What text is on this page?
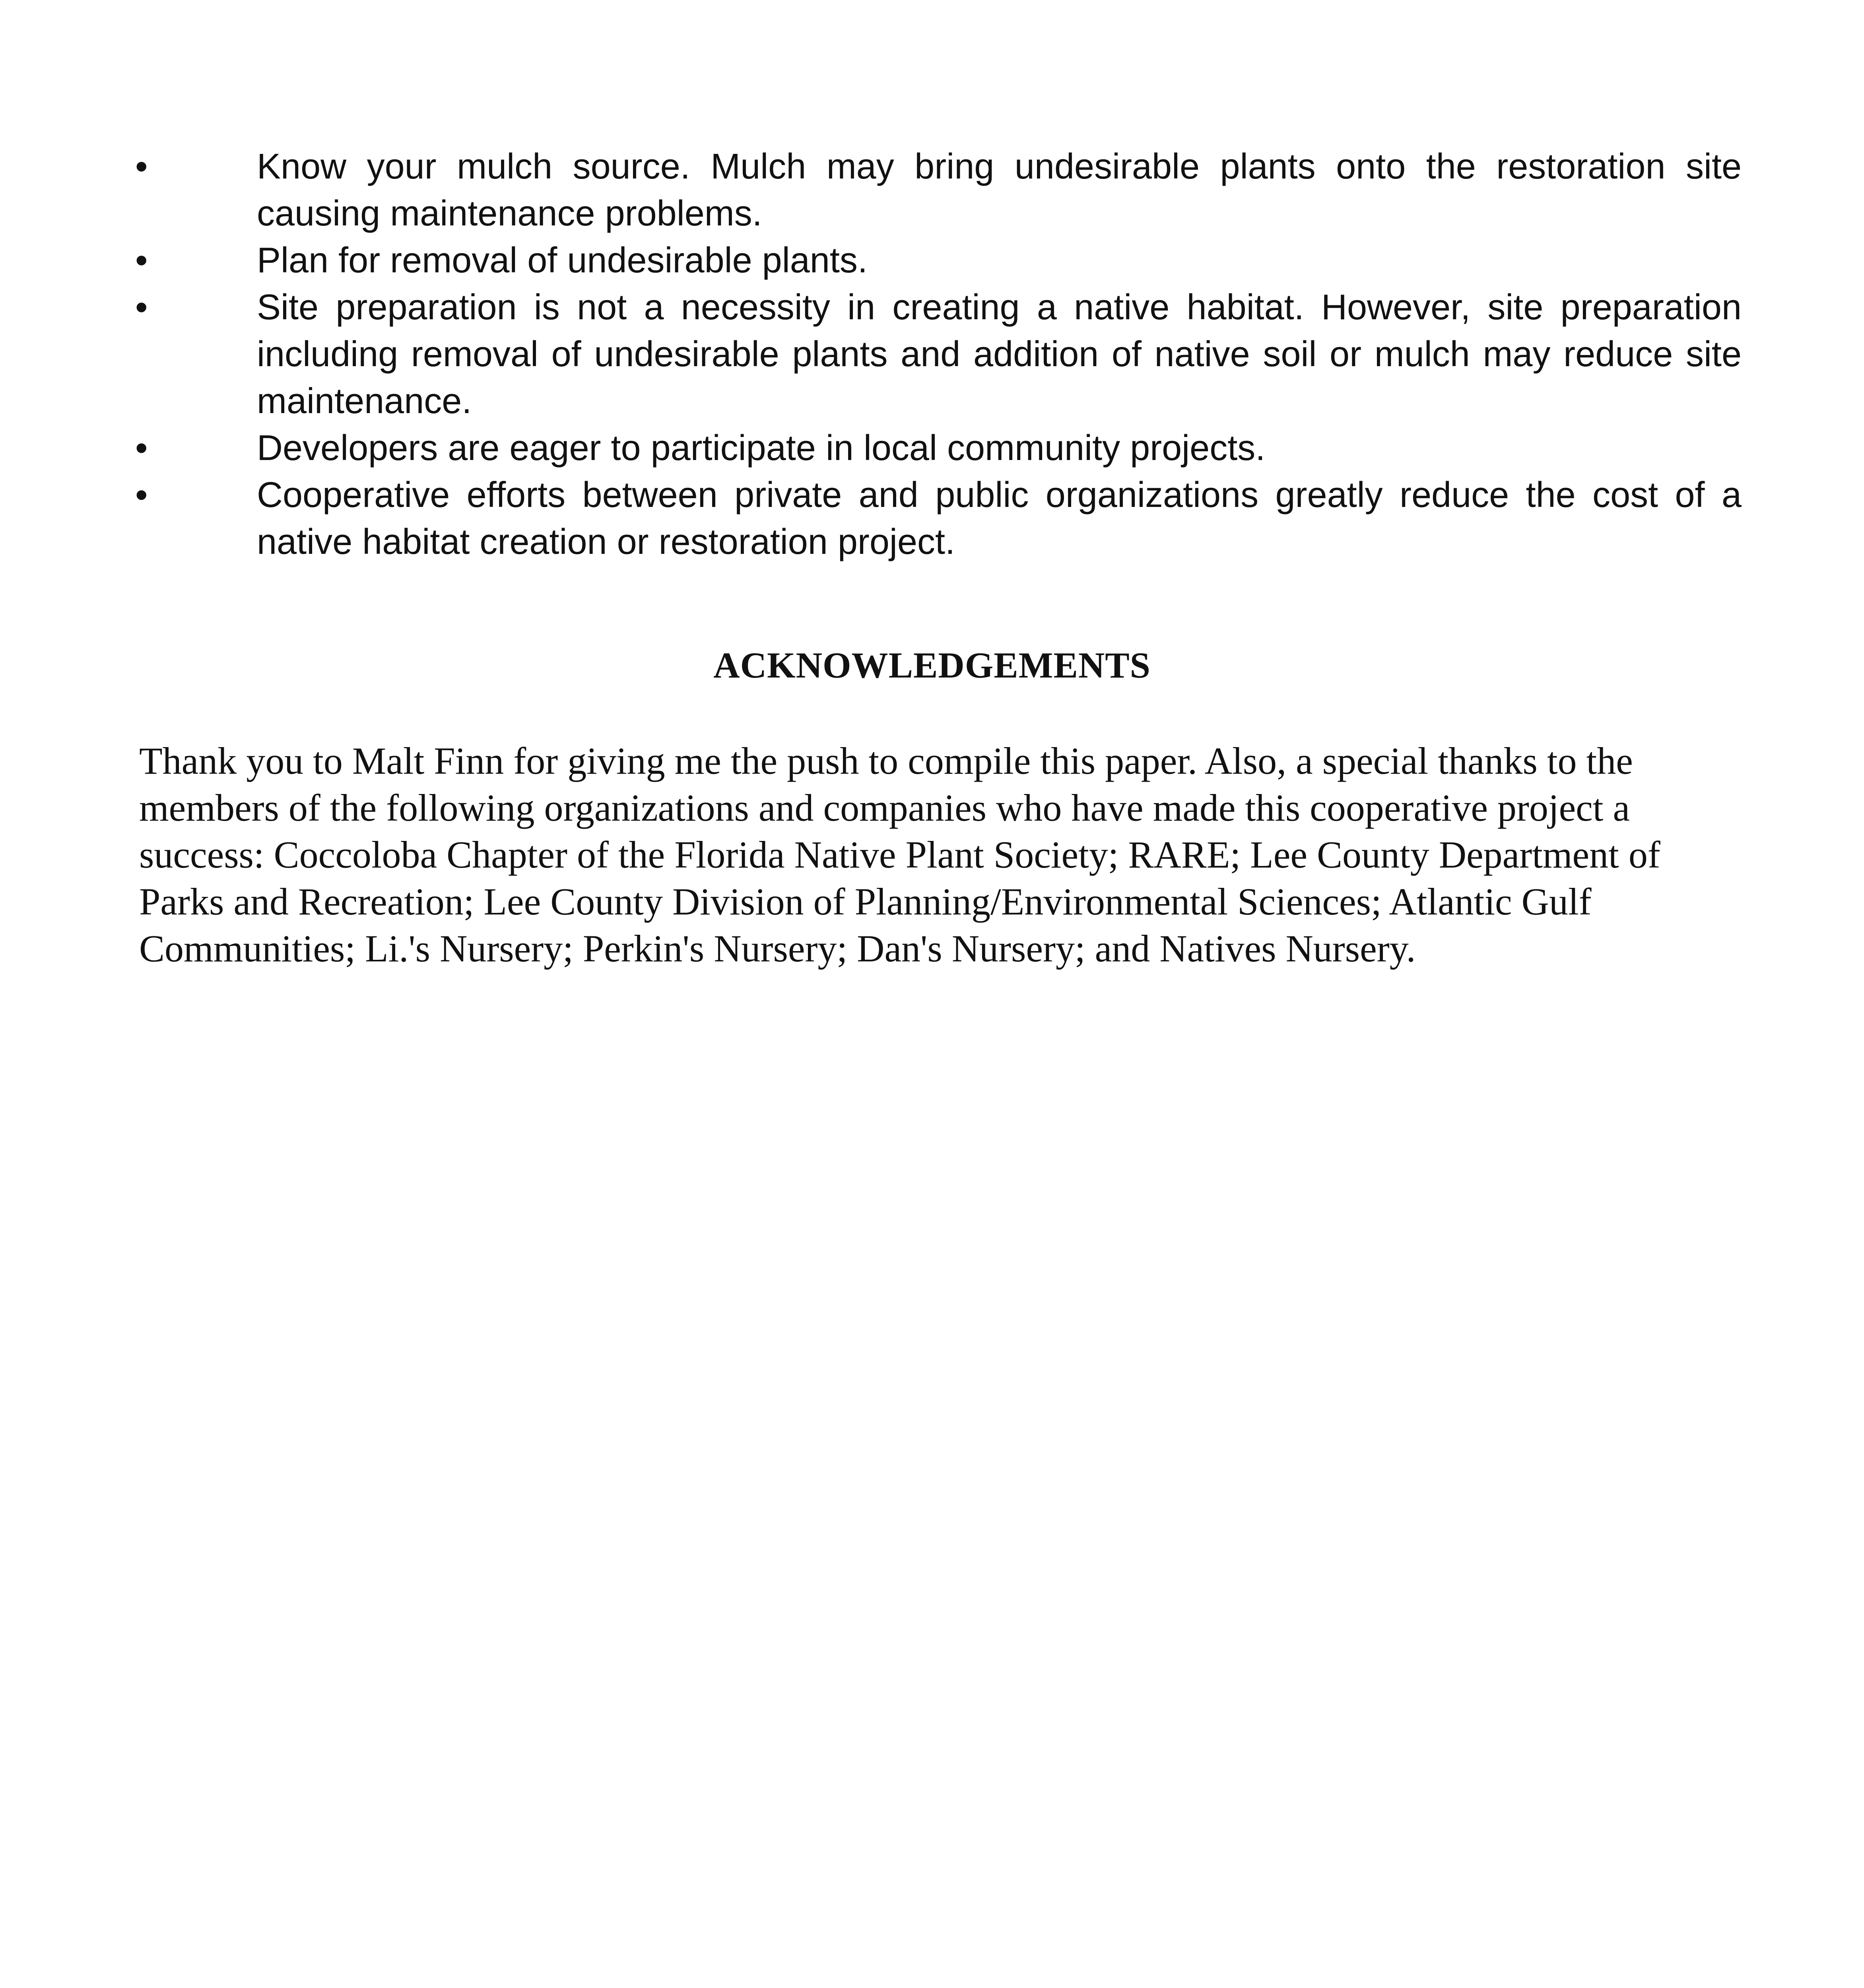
•	Know your mulch source. Mulch may bring undesirable plants onto the restoration site causing maintenance problems.
•	Plan for removal of undesirable plants.
•	Site preparation is not a necessity in creating a native habitat. However, site preparation including removal of undesirable plants and addition of native soil or mulch may reduce site maintenance.
•	Developers are eager to participate in local community projects.
•	Cooperative efforts between private and public organizations greatly reduce the cost of a native habitat creation or restoration project.
ACKNOWLEDGEMENTS

Thank you to Malt Finn for giving me the push to compile this paper. Also, a special thanks to the members of the following organizations and companies who have made this cooperative project a success: Coccoloba Chapter of the Florida Native Plant Society; RARE; Lee County Department of Parks and Recreation; Lee County Division of Planning/Environmental Sciences; Atlantic Gulf Communities; Li.'s Nursery; Perkin's Nursery; Dan's Nursery; and Natives Nursery.
